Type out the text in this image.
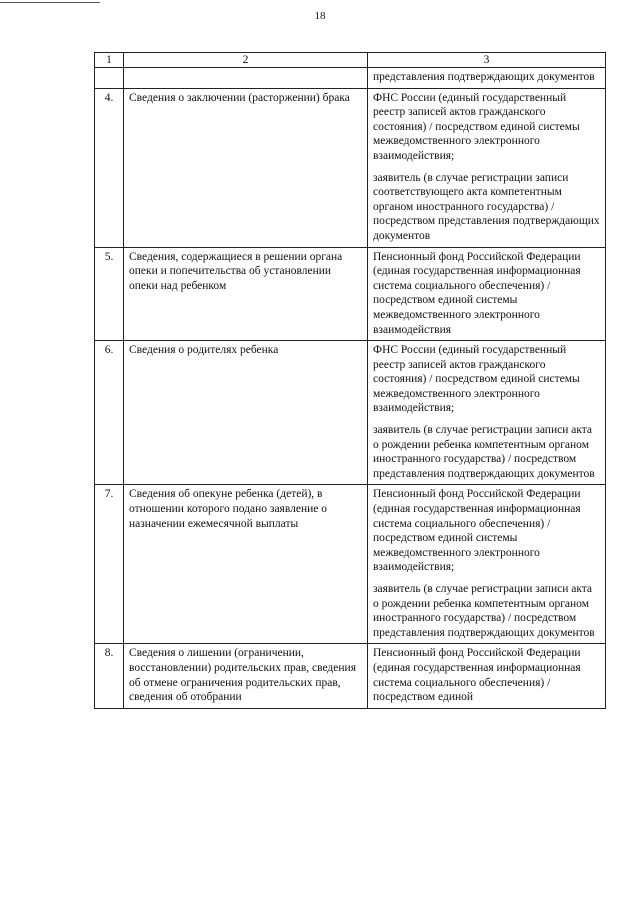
18
1	2	3

		представления подтверждающих документов

4.	Сведения о заключении (расторжении) брака	ФНС России (единый государственный реестр записей актов гражданского состояния) / посредством единой системы межведомственного электронного взаимодействия;

заявитель (в случае регистрации записи соответствующего акта компетентным органом иностранного государства) / посредством представления подтверждающих документов

5.	Сведения, содержащиеся в решении органа опеки и попечительства об установлении опеки над ребенком	Пенсионный фонд Российской Федерации (единая государственная информационная система социального обеспечения) / посредством единой системы межведомственного электронного взаимодействия

6.	Сведения о родителях ребенка	ФНС России (единый государственный реестр записей актов гражданского состояния) / посредством единой системы межведомственного электронного взаимодействия;

заявитель (в случае регистрации записи акта о рождении ребенка компетентным органом иностранного государства) / посредством представления подтверждающих документов

7.	Сведения об опекуне ребенка (детей), в отношении которого подано заявление о назначении ежемесячной выплаты	Пенсионный фонд Российской Федерации (единая государственная информационная система социального обеспечения) / посредством единой системы межведомственного электронного взаимодействия;

заявитель (в случае регистрации записи акта о рождении ребенка компетентным органом иностранного государства) / посредством представления подтверждающих документов

8.	Сведения о лишении (ограничении, восстановлении) родительских прав, сведения об отмене ограничения родительских прав, сведения об отобрании	Пенсионный фонд Российской Федерации (единая государственная информационная система социального обеспечения) / посредством единой
